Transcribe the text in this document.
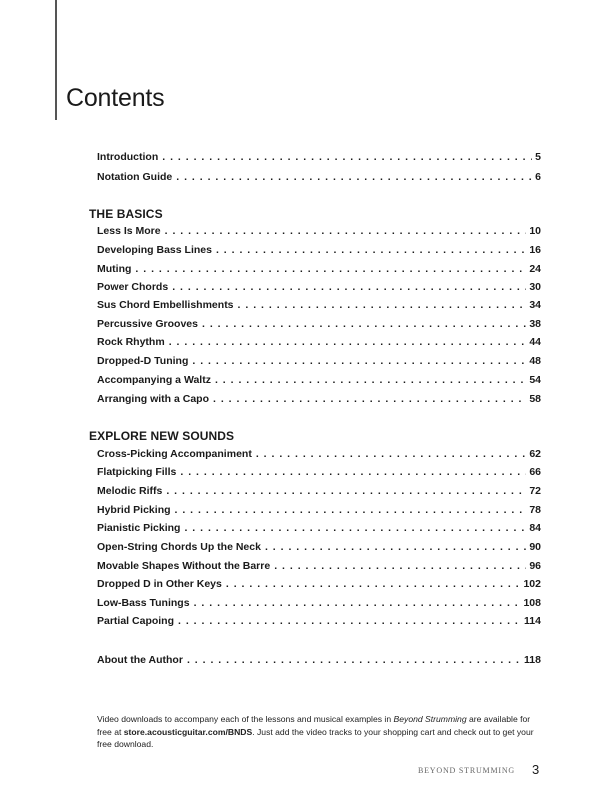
Contents
Introduction . . .	5
Notation Guide . . .	6
THE BASICS
Less Is More . . .	10
Developing Bass Lines . . .	16
Muting . . .	24
Power Chords . . .	30
Sus Chord Embellishments . . .	34
Percussive Grooves . . .	38
Rock Rhythm . . .	44
Dropped-D Tuning . . .	48
Accompanying a Waltz . . .	54
Arranging with a Capo . . .	58
EXPLORE NEW SOUNDS
Cross-Picking Accompaniment . . .	62
Flatpicking Fills . . .	66
Melodic Riffs . . .	72
Hybrid Picking . . .	78
Pianistic Picking . . .	84
Open-String Chords Up the Neck . . .	90
Movable Shapes Without the Barre . . .	96
Dropped D in Other Keys . . .	102
Low-Bass Tunings . . .	108
Partial Capoing . . .	114
About the Author . . .	118

Video downloads to accompany each of the lessons and musical examples in Beyond Strumming are available for free at store.acousticguitar.com/BNDS. Just add the video tracks to your shopping cart and check out to get your free download.

BEYOND STRUMMING 3
